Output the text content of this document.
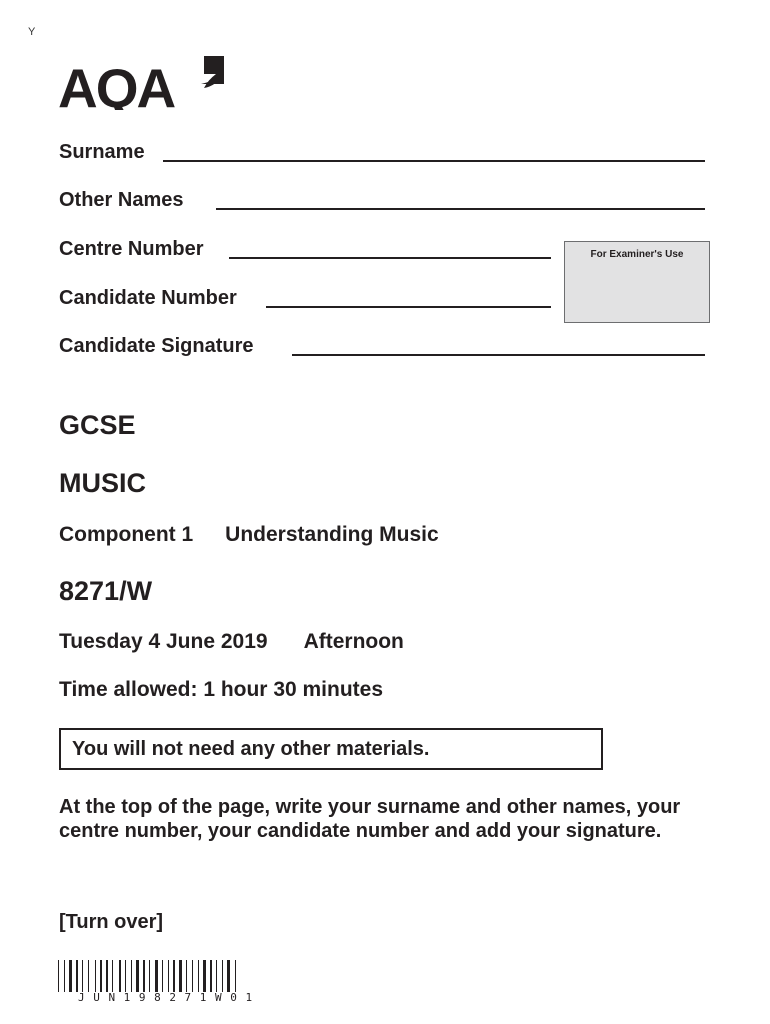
Y
AQA
Surname
Other Names
Centre Number
Candidate Number
Candidate Signature
For Examiner's Use
GCSE
MUSIC
Component 1 Understanding Music
8271/W
Tuesday 4 June 2019 Afternoon
Time allowed: 1 hour 30 minutes
You will not need any other materials.
At the top of the page, write your surname and other names, your centre number, your candidate number and add your signature.
[Turn over]
JUN198271W01
